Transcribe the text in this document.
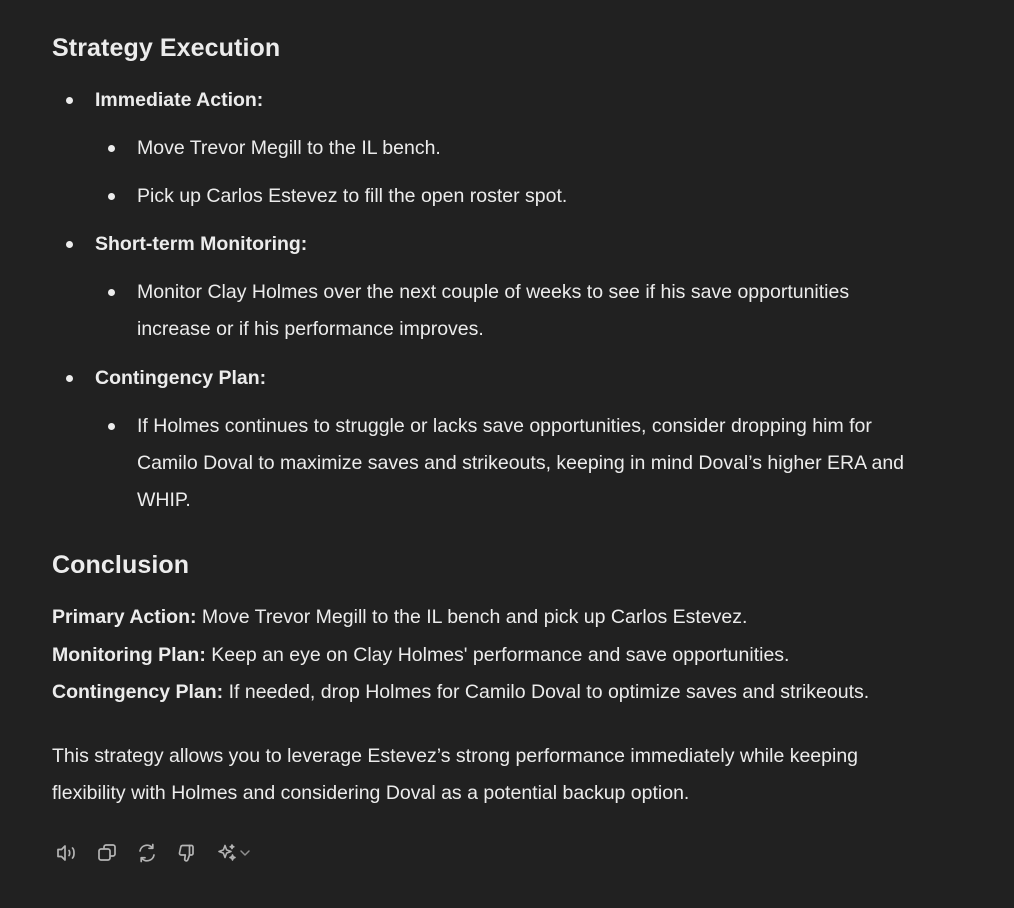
Strategy Execution
Immediate Action:
Move Trevor Megill to the IL bench.
Pick up Carlos Estevez to fill the open roster spot.
Short-term Monitoring:
Monitor Clay Holmes over the next couple of weeks to see if his save opportunities
increase or if his performance improves.
Contingency Plan:
If Holmes continues to struggle or lacks save opportunities, consider dropping him for
Camilo Doval to maximize saves and strikeouts, keeping in mind Doval’s higher ERA and
WHIP.
Conclusion
Primary Action: Move Trevor Megill to the IL bench and pick up Carlos Estevez.
Monitoring Plan: Keep an eye on Clay Holmes' performance and save opportunities.
Contingency Plan: If needed, drop Holmes for Camilo Doval to optimize saves and strikeouts.
This strategy allows you to leverage Estevez’s strong performance immediately while keeping
flexibility with Holmes and considering Doval as a potential backup option.
